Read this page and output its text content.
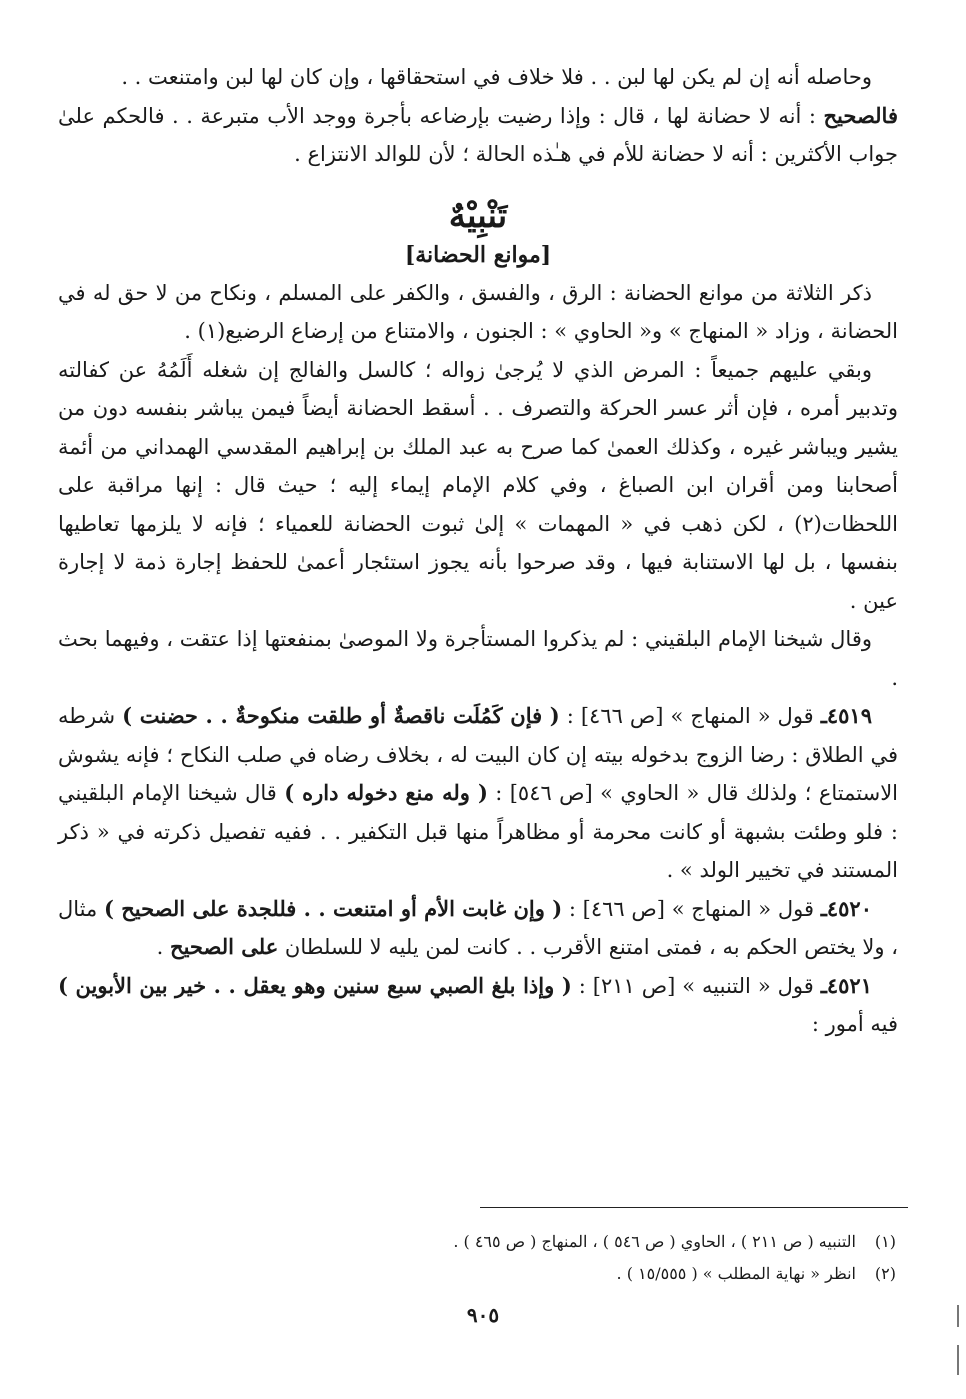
وحاصله أنه إن لم يكن لها لبن . . فلا خلاف في استحقاقها ، وإن كان لها لبن وامتنعت . .

فالصحيح : أنه لا حضانة لها ، قال : وإذا رضيت بإرضاعه بأجرة ووجد الأب متبرعة . . فالحكم علىٰ جواب الأكثرين : أنه لا حضانة للأم في هـٰذه الحالة ؛ لأن للوالد الانتزاع .

تَنْبِيْهٌ
[موانع الحضانة]

ذكر الثلاثة من موانع الحضانة : الرق ، والفسق ، والكفر على المسلم ، ونكاح من لا حق له في الحضانة ، وزاد « المنهاج » و« الحاوي » : الجنون ، والامتناع من إرضاع الرضيع(١) .

وبقي عليهم جميعاً : المرض الذي لا يُرجىٰ زواله ؛ كالسل والفالج إن شغله أَلَمُهُ عن كفالته وتدبير أمره ، فإن أثر عسر الحركة والتصرف . . أسقط الحضانة أيضاً فيمن يباشر بنفسه دون من يشير ويباشر غيره ، وكذلك العمىٰ كما صرح به عبد الملك بن إبراهيم المقدسي الهمداني من أئمة أصحابنا ومن أقران ابن الصباغ ، وفي كلام الإمام إيماء إليه ؛ حيث قال : إنها مراقبة على اللحظات(٢) ، لكن ذهب في « المهمات » إلىٰ ثبوت الحضانة للعمياء ؛ فإنه لا يلزمها تعاطيها بنفسها ، بل لها الاستنابة فيها ، وقد صرحوا بأنه يجوز استئجار أعمىٰ للحفظ إجارة ذمة لا إجارة عين .

وقال شيخنا الإمام البلقيني : لم يذكروا المستأجرة ولا الموصىٰ بمنفعتها إذا عتقت ، وفيهما بحث .

٤٥١٩ـ قول « المنهاج » [ص ٤٦٦] : ( فإن كَمُلَت ناقصةٌ أو طلقت منكوحةٌ . . حضنت ) شرطه في الطلاق : رضا الزوج بدخوله بيته إن كان البيت له ، بخلاف رضاه في صلب النكاح ؛ فإنه يشوش الاستمتاع ؛ ولذلك قال « الحاوي » [ص ٥٤٦] : ( وله منع دخوله داره ) قال شيخنا الإمام البلقيني : فلو وطئت بشبهة أو كانت محرمة أو مظاهراً منها قبل التكفير . . ففيه تفصيل ذكرته في « ذكر المستند في تخيير الولد » .

٤٥٢٠ـ قول « المنهاج » [ص ٤٦٦] : ( وإن غابت الأم أو امتنعت . . فللجدة على الصحيح ) مثال ، ولا يختص الحكم به ، فمتى امتنع الأقرب . . كانت لمن يليه لا للسلطان على الصحيح .

٤٥٢١ـ قول « التنبيه » [ص ٢١١] : ( وإذا بلغ الصبي سبع سنين وهو يعقل . . خير بين الأبوين ) فيه أمور :

(١)التنبيه ( ص ٢١١ ) ، الحاوي ( ص ٥٤٦ ) ، المنهاج ( ص ٤٦٥ ) .
(٢)انظر « نهاية المطلب » ( ١٥/٥٥٥ ) .
٩٠٥
